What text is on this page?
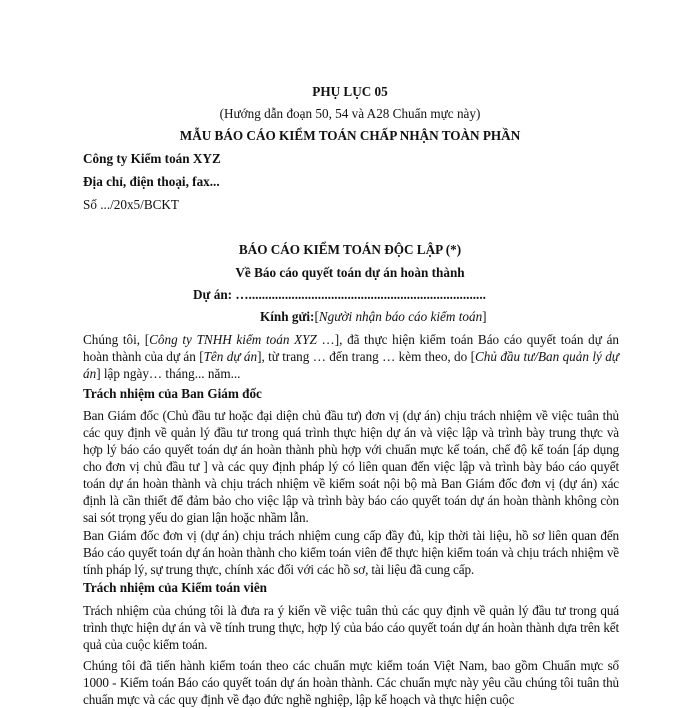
PHỤ LỤC 05
(Hướng dẫn đoạn 50, 54 và A28 Chuẩn mực này)
MẪU BÁO CÁO KIỂM TOÁN CHẤP NHẬN TOÀN PHẦN
Công ty Kiểm toán XYZ
Địa chỉ, điện thoại, fax...
Số .../20x5/BCKT
BÁO CÁO KIỂM TOÁN ĐỘC LẬP (*)
Về Báo cáo quyết toán dự án hoàn thành
Dự án: …........................................................................
Kính gửi:[Người nhận báo cáo kiểm toán]
Chúng tôi, [Công ty TNHH kiểm toán XYZ …], đã thực hiện kiểm toán Báo cáo quyết toán dự án hoàn thành của dự án [Tên dự án], từ trang … đến trang … kèm theo, do [Chủ đầu tư/Ban quản lý dự án] lập ngày… tháng... năm...
Trách nhiệm của Ban Giám đốc
Ban Giám đốc (Chủ đầu tư hoặc đại diện chủ đầu tư) đơn vị (dự án) chịu trách nhiệm về việc tuân thủ các quy định về quản lý đầu tư trong quá trình thực hiện dự án và việc lập và trình bày trung thực và hợp lý báo cáo quyết toán dự án hoàn thành phù hợp với chuẩn mực kế toán, chế độ kế toán [áp dụng cho đơn vị chủ đầu tư ] và các quy định pháp lý có liên quan đến việc lập và trình bày báo cáo quyết toán dự án hoàn thành và chịu trách nhiệm về kiểm soát nội bộ mà Ban Giám đốc đơn vị (dự án) xác định là cần thiết để đảm bảo cho việc lập và trình bày báo cáo quyết toán dự án hoàn thành không còn sai sót trọng yếu do gian lận hoặc nhầm lẫn.
Ban Giám đốc đơn vị (dự án) chịu trách nhiệm cung cấp đầy đủ, kịp thời tài liệu, hồ sơ liên quan đến Báo cáo quyết toán dự án hoàn thành cho kiểm toán viên để thực hiện kiểm toán và chịu trách nhiệm về tính pháp lý, sự trung thực, chính xác đối với các hồ sơ, tài liệu đã cung cấp.
Trách nhiệm của Kiểm toán viên
Trách nhiệm của chúng tôi là đưa ra ý kiến về việc tuân thủ các quy định về quản lý đầu tư trong quá trình thực hiện dự án và về tính trung thực, hợp lý của báo cáo quyết toán dự án hoàn thành dựa trên kết quả của cuộc kiểm toán.
Chúng tôi đã tiến hành kiểm toán theo các chuẩn mực kiểm toán Việt Nam, bao gồm Chuẩn mực số 1000 - Kiểm toán Báo cáo quyết toán dự án hoàn thành. Các chuẩn mực này yêu cầu chúng tôi tuân thủ chuẩn mực và các quy định về đạo đức nghề nghiệp, lập kế hoạch và thực hiện cuộc
